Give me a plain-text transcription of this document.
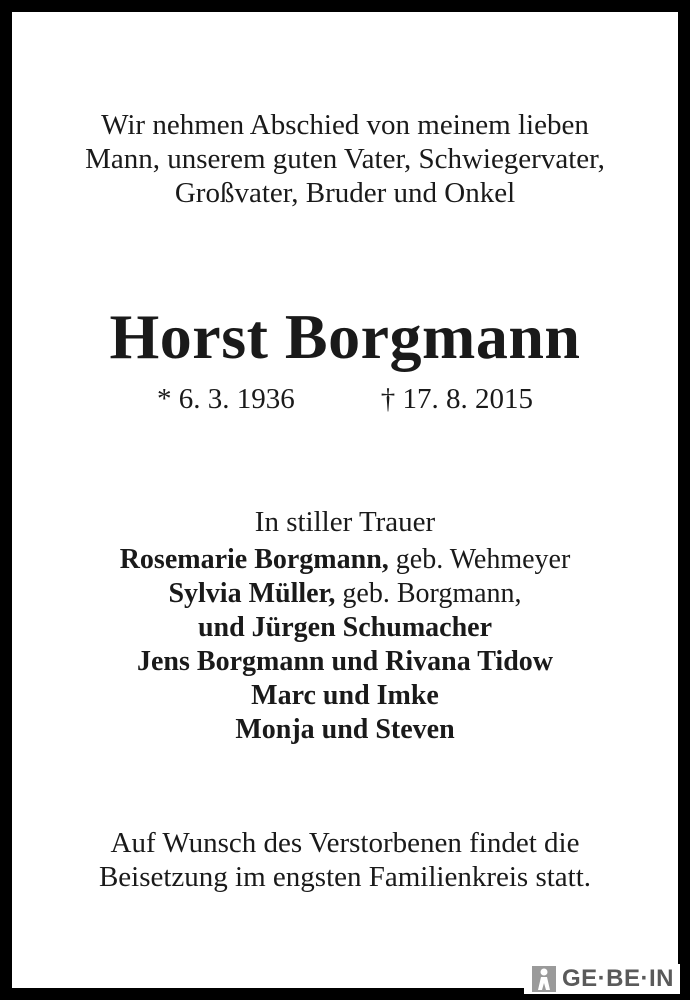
Wir nehmen Abschied von meinem lieben
Mann, unserem guten Vater, Schwiegervater,
Großvater, Bruder und Onkel
Horst Borgmann
* 6. 3. 1936	† 17. 8. 2015
In stiller Trauer
Rosemarie Borgmann, geb. Wehmeyer
Sylvia Müller, geb. Borgmann,
und Jürgen Schumacher
Jens Borgmann und Rivana Tidow
Marc und Imke
Monja und Steven
Auf Wunsch des Verstorbenen findet die
Beisetzung im engsten Familienkreis statt.
GE·BE·IN
